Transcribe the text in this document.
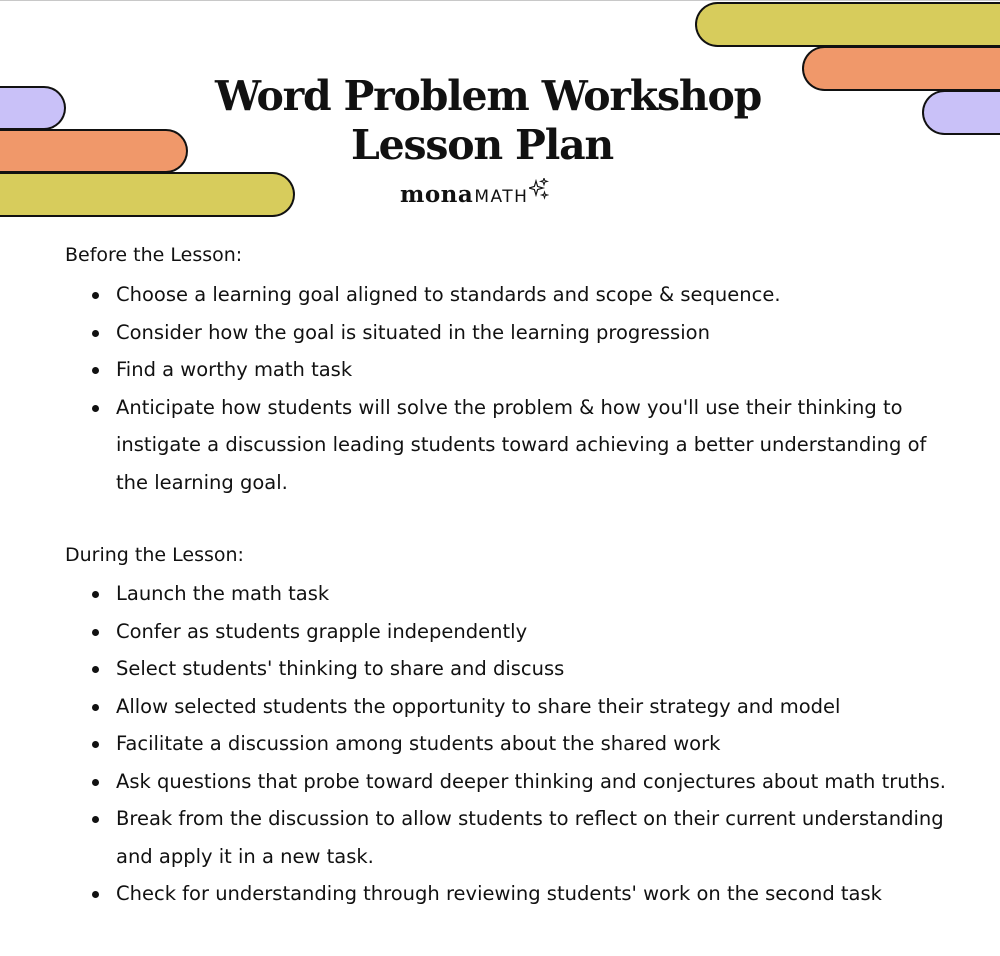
Word Problem Workshop
Lesson Plan
mona MATH
Before the Lesson:
Choose a learning goal aligned to standards and scope & sequence.
Consider how the goal is situated in the learning progression
Find a worthy math task
Anticipate how students will solve the problem & how you'll use their thinking to instigate a discussion leading students toward achieving a better understanding of the learning goal.
During the Lesson:
Launch the math task
Confer as students grapple independently
Select students' thinking to share and discuss
Allow selected students the opportunity to share their strategy and model
Facilitate a discussion among students about the shared work
Ask questions that probe toward deeper thinking and conjectures about math truths.
Break from the discussion to allow students to reflect on their current understanding and apply it in a new task.
Check for understanding through reviewing students' work on the second task
